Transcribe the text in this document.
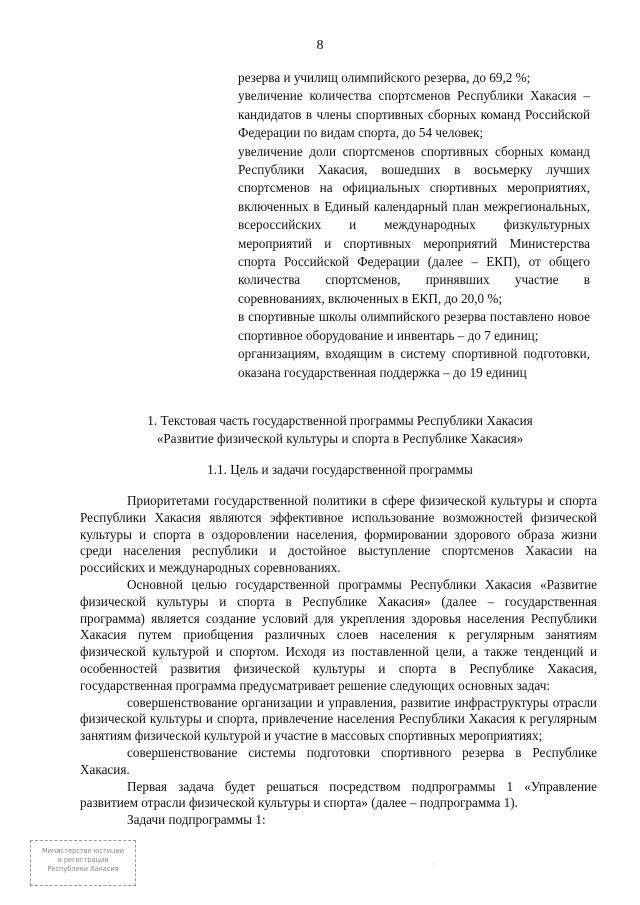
8

резерва и училищ олимпийского резерва, до 69,2 %;

увеличение количества спортсменов Республики Хакасия – кандидатов в члены спортивных сборных команд Российской Федерации по видам спорта, до 54 человек;

увеличение доли спортсменов спортивных сборных команд Республики Хакасия, вошедших в восьмерку лучших спортсменов на официальных спортивных мероприятиях, включенных в Единый календарный план межрегиональных, всероссийских и международных физкультурных мероприятий и спортивных мероприятий Министерства спорта Российской Федерации (далее – ЕКП), от общего количества спортсменов, принявших участие в соревнованиях, включенных в ЕКП, до 20,0 %;

в спортивные школы олимпийского резерва поставлено новое спортивное оборудование и инвентарь – до 7 единиц;

организациям, входящим в систему спортивной подготовки, оказана государственная поддержка – до 19 единиц

1. Текстовая часть государственной программы Республики Хакасия
«Развитие физической культуры и спорта в Республике Хакасия»
1.1. Цель и задачи государственной программы

Приоритетами государственной политики в сфере физической культуры и спорта Республики Хакасия являются эффективное использование возможностей физической культуры и спорта в оздоровлении населения, формировании здорового образа жизни среди населения республики и достойное выступление спортсменов Хакасии на российских и международных соревнованиях.

Основной целью государственной программы Республики Хакасия «Развитие физической культуры и спорта в Республике Хакасия» (далее – государственная программа) является создание условий для укрепления здоровья населения Республики Хакасия путем приобщения различных слоев населения к регулярным занятиям физической культурой и спортом. Исходя из поставленной цели, а также тенденций и особенностей развития физической культуры и спорта в Республике Хакасия, государственная программа предусматривает решение следующих основных задач:

совершенствование организации и управления, развитие инфраструктуры отрасли физической культуры и спорта, привлечение населения Республики Хакасия к регулярным занятиям физической культурой и участие в массовых спортивных мероприятиях;

совершенствование системы подготовки спортивного резерва в Республике Хакасия.

Первая задача будет решаться посредством подпрограммы 1 «Управление развитием отрасли физической культуры и спорта» (далее – подпрограмма 1).

Задачи подпрограммы 1:

Министерство юстиции
и регистрации
Республики Хакасия	·
